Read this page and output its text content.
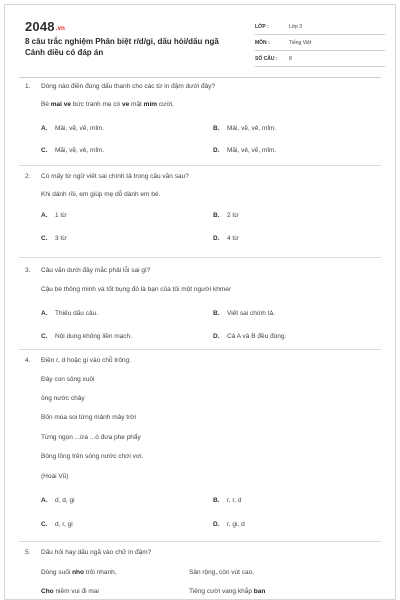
2048.vn
8 câu trắc nghiệm Phân biệt r/d/gi, dấu hỏi/dấu ngã Cánh diều có đáp án
LỚP :	Lớp 3
MÔN :	Tiếng Việt
SỐ CÂU :	8
1.	Dòng nào điền đúng dấu thanh cho các từ in đậm dưới đây?
Bé mai ve bức tranh mẹ có ve mặt mim cười.
A.	Mải, vẽ, vẽ, mỉm.	B.	Mải, vẽ, vẻ, mỉm.
C.	Mãi, vẽ, vẻ, mỉm.	D.	Mãi, vẻ, vẽ, mỉm.
2.	Có mấy từ ngữ viết sai chính tả trong câu văn sau?
Khi dánh rồi, em giúp mẹ dỗ dành em bé.
A.	1 từ	B.	2 từ
C.	3 từ	D.	4 từ
3.	Câu văn dưới đây mắc phải lỗi sai gì?
Cậu bé thông minh và tốt bụng đó là bạn của tôi một người khmer
A.	Thiếu dấu câu.	B.	Viết sai chính tả.
C.	Nội dung không liền mạch.	D.	Cả A và B đều đúng.
4.	Điền r, d hoặc gi vào chỗ trống:
Đây con sông xuôi
òng nước chảy
Bốn mùa soi từng mảnh mây trời
Từng ngọn ...ừa ...ó đưa phe phẩy
Bóng lồng trên sóng nước chơi vơi.
(Hoài Vũ)
A.	d, d, gi	B.	r, r, d
C.	d, r, gi	D.	r, gi, d
5.	Dấu hỏi hay dấu ngã vào chữ in đậm?
Dòng suối nho trôi nhanh,	Sân rộng, còn vút cao,
Cho niềm vui đi mai	Tiếng cười vang khắp ban
